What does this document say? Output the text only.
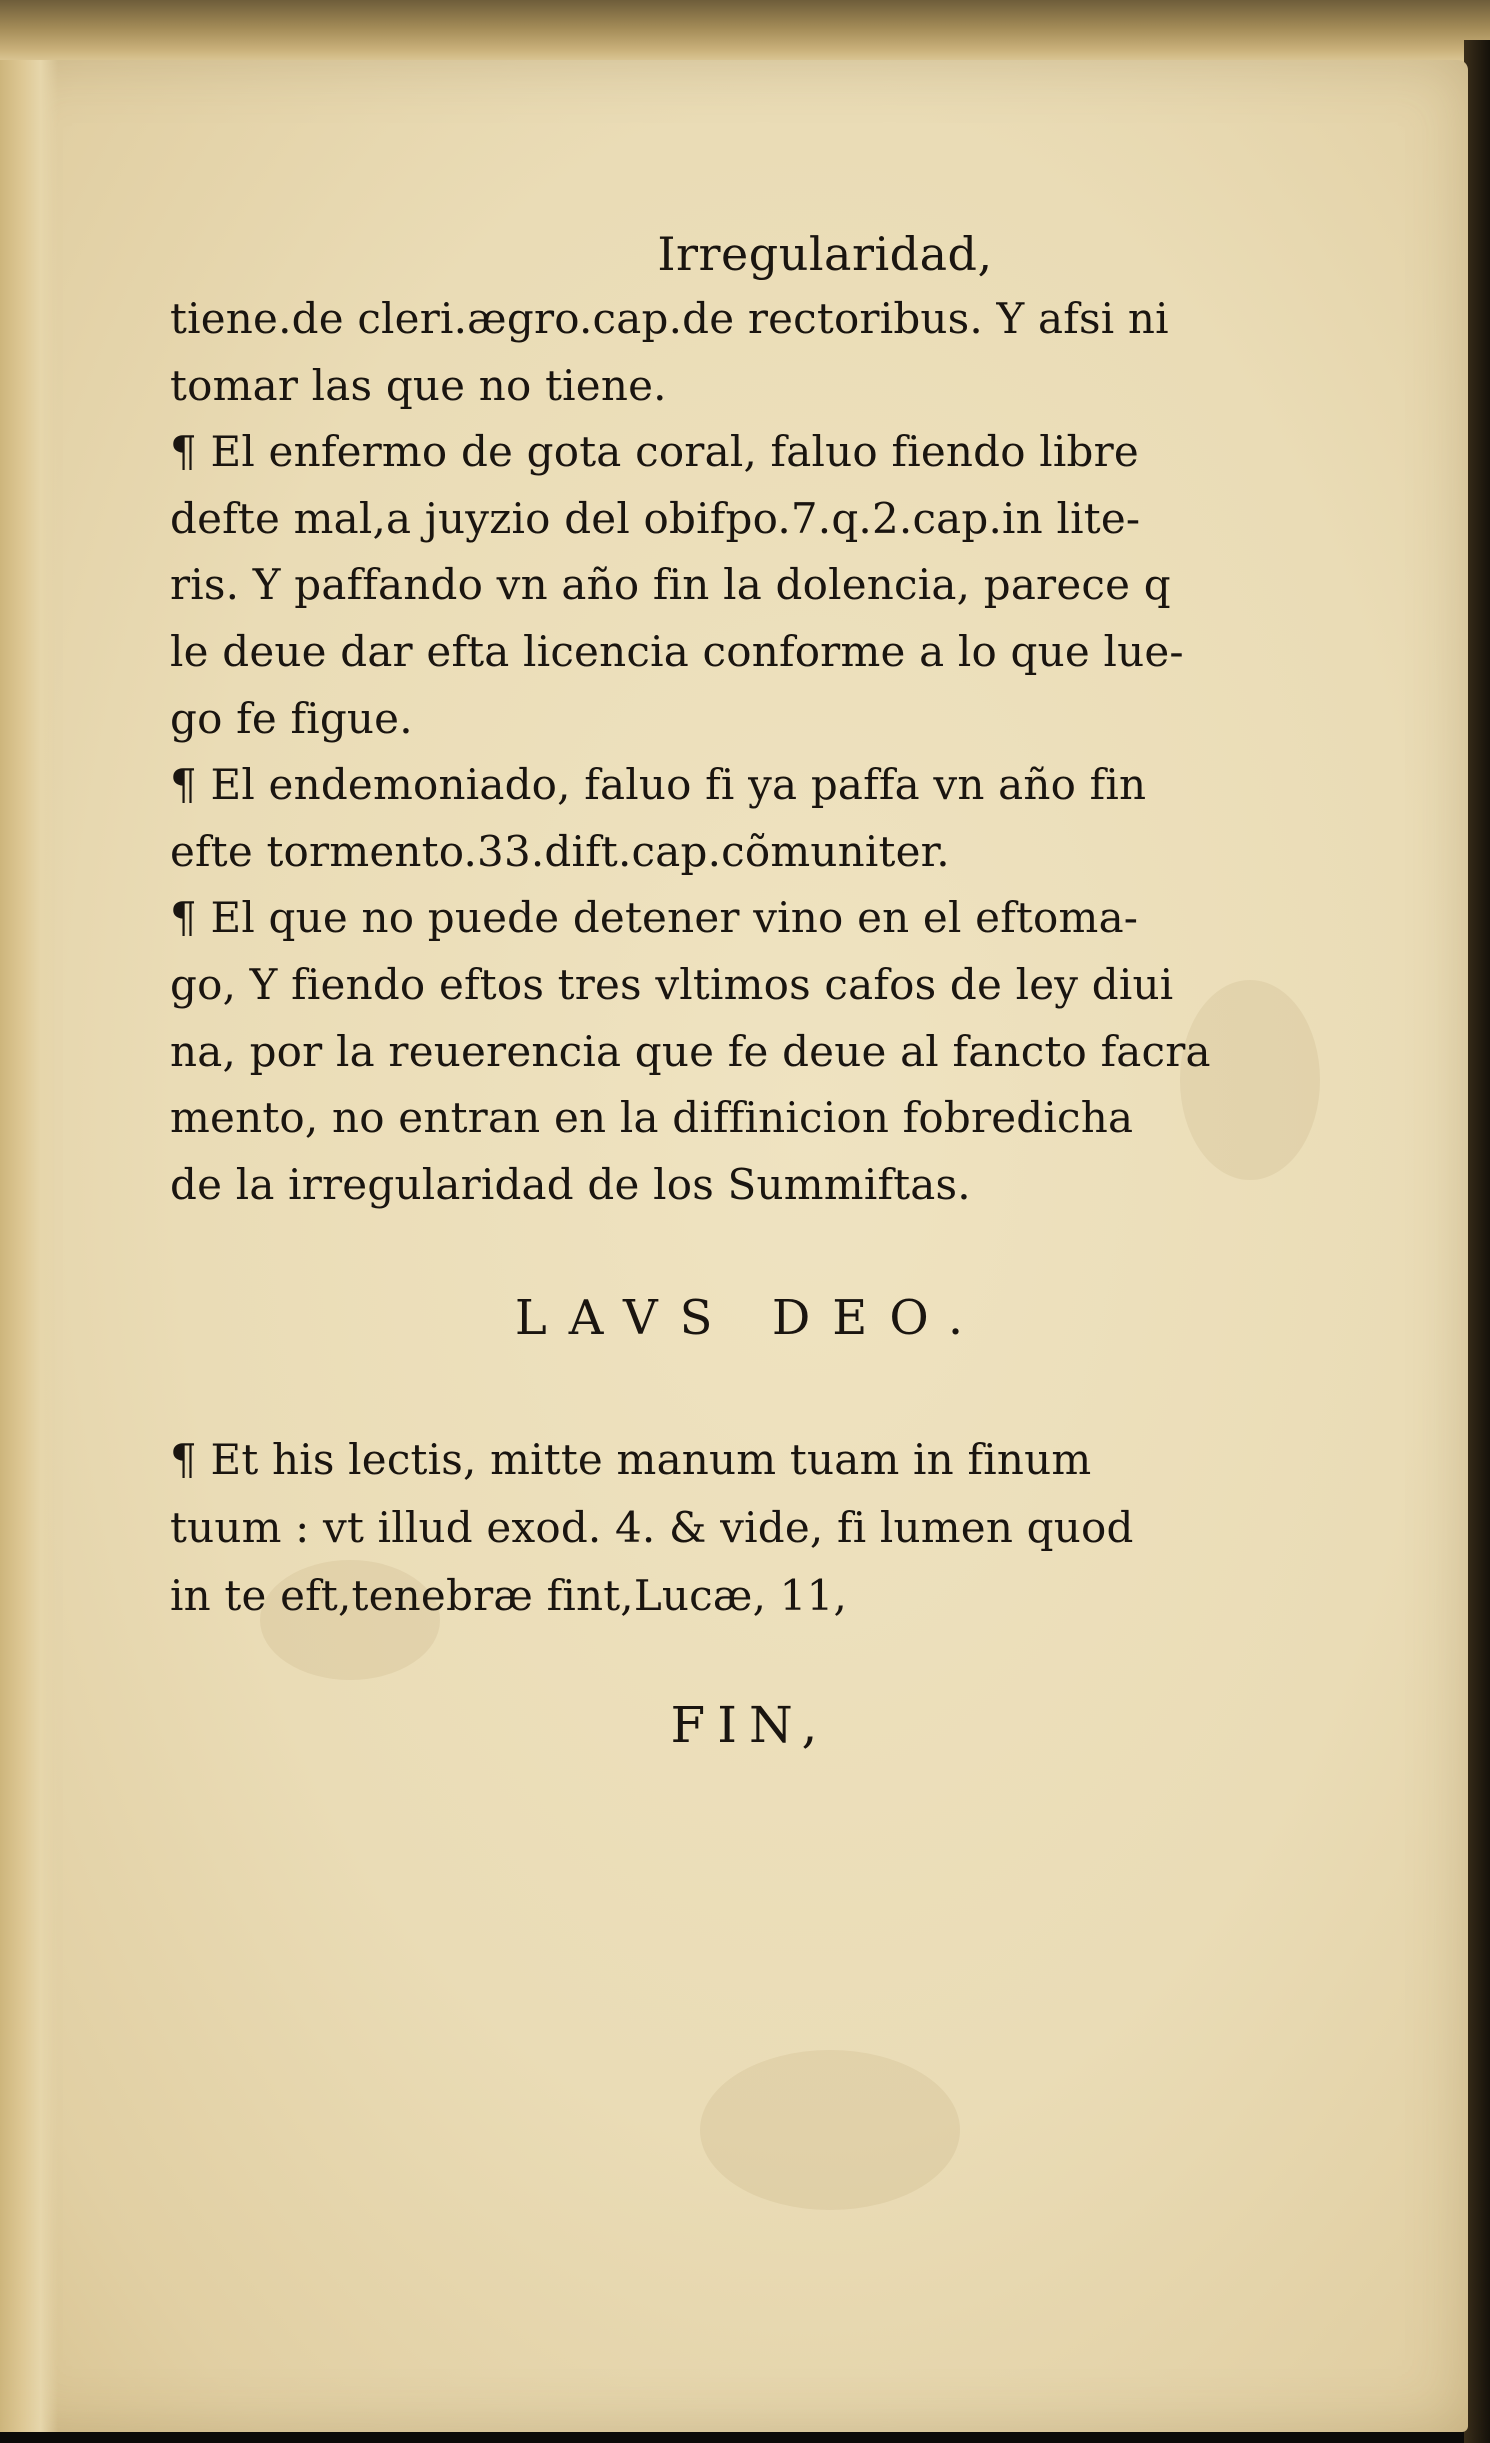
Irregularidad,
tiene.de cleri.ægro.cap.de rectoribus. Y afsi ni
tomar las que no tiene.
¶ El enfermo de gota coral, faluo fiendo libre
defte mal,a juyzio del obifpo.7.q.2.cap.in lite-
ris. Y paffando vn año fin la dolencia, parece q
le deue dar efta licencia conforme a lo que lue-
go fe figue.
¶ El endemoniado, faluo fi ya paffa vn año fin
efte tormento.33.dift.cap.cõmuniter.
¶ El que no puede detener vino en el eftoma-
go, Y fiendo eftos tres vltimos cafos de ley diui
na, por la reuerencia que fe deue al fancto facra
mento, no entran en la diffinicion fobredicha
de la irregularidad de los Summiftas.
LAVS DEO.
¶ Et his lectis, mitte manum tuam in finum
tuum : vt illud exod. 4. & vide, fi lumen quod
in te eft,tenebræ fint,Lucæ, 11,
FIN,
